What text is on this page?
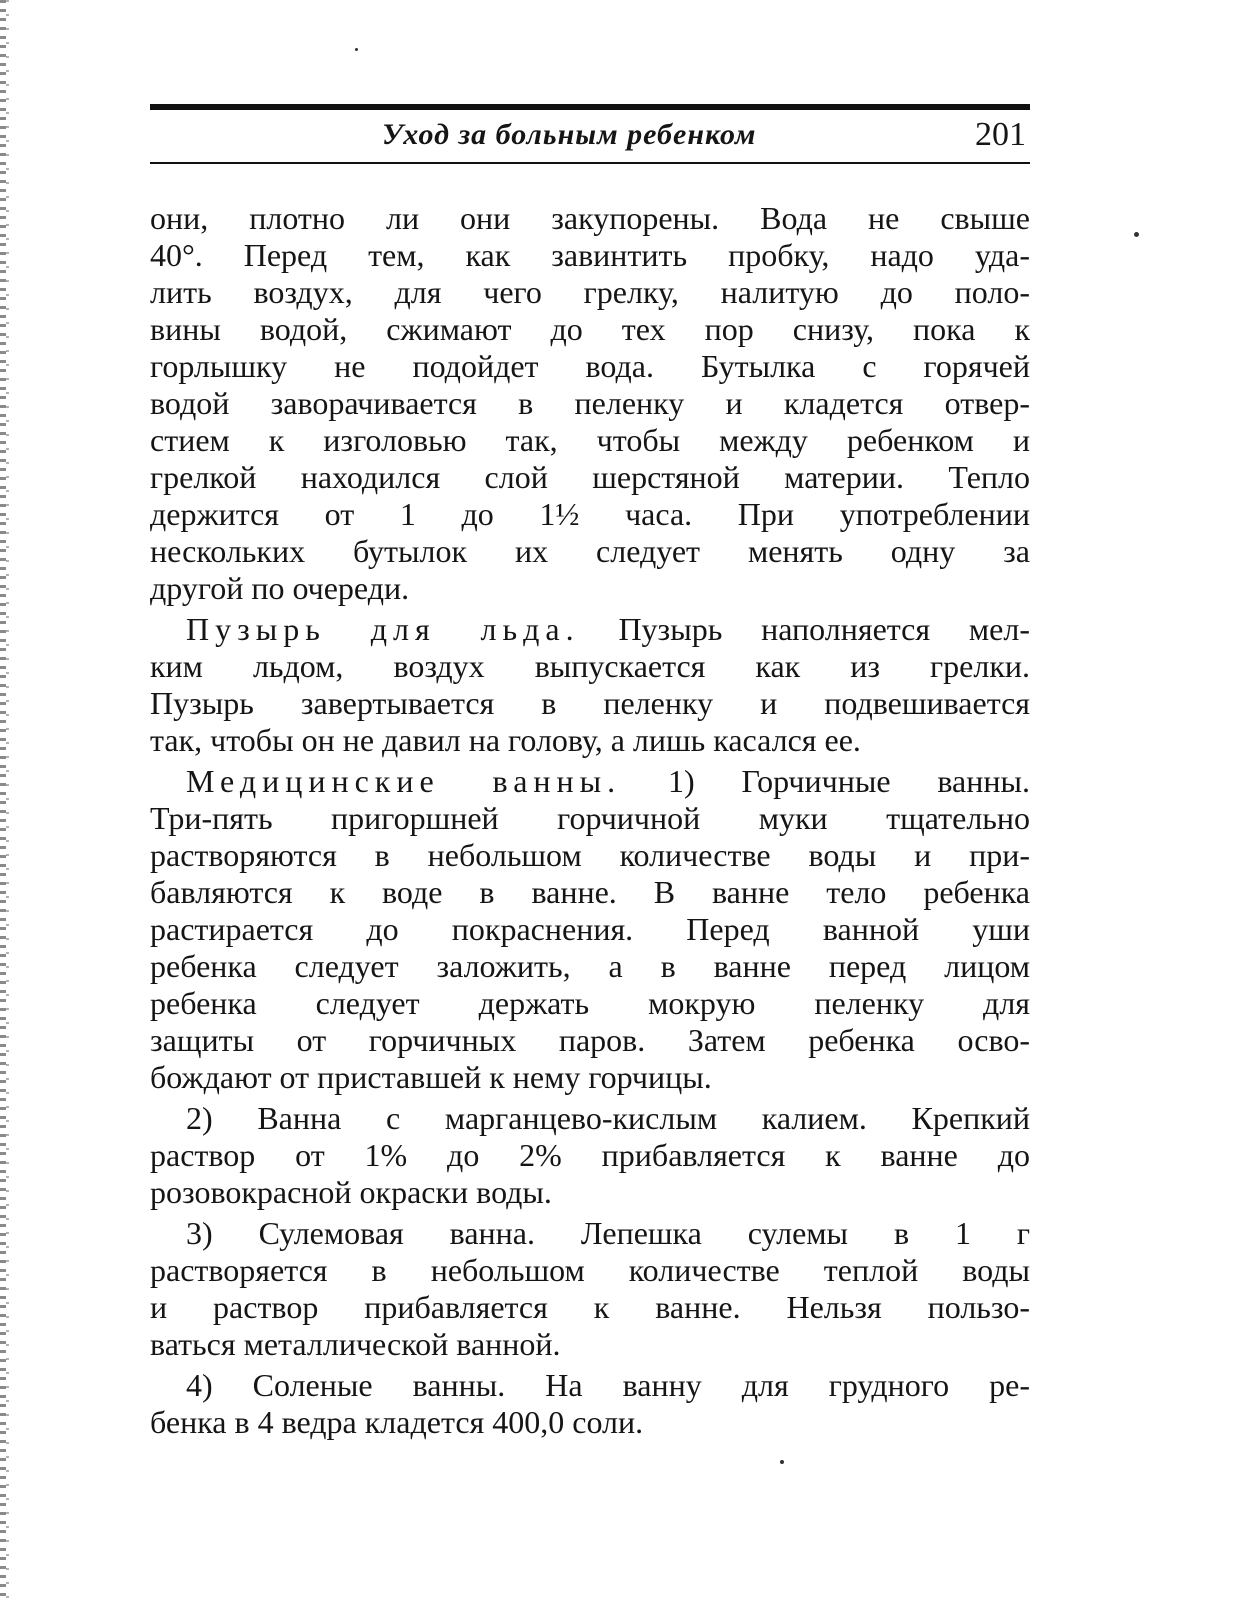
Уход за больным ребенком	201
они, плотно ли они закупорены. Вода не свыше
40°. Перед тем, как завинтить пробку, надо уда-
лить воздух, для чего грелку, налитую до поло-
вины водой, сжимают до тех пор снизу, пока к
горлышку не подойдет вода. Бутылка с горячей
водой заворачивается в пеленку и кладется отвер-
стием к изголовью так, чтобы между ребенком и
грелкой находился слой шерстяной материи. Тепло
держится от 1 до 1½ часа. При употреблении
нескольких бутылок их следует менять одну за
другой по очереди.
Пузырь для льда. Пузырь наполняется мел-
ким льдом, воздух выпускается как из грелки.
Пузырь завертывается в пеленку и подвешивается
так, чтобы он не давил на голову, а лишь касался ее.
Медицинские ванны. 1) Горчичные ванны.
Три-пять пригоршней горчичной муки тщательно
растворяются в небольшом количестве воды и при-
бавляются к воде в ванне. В ванне тело ребенка
растирается до покраснения. Перед ванной уши
ребенка следует заложить, а в ванне перед лицом
ребенка следует держать мокрую пеленку для
защиты от горчичных паров. Затем ребенка осво-
бождают от приставшей к нему горчицы.
2) Ванна с марганцево-кислым калием. Крепкий
раствор от 1% до 2% прибавляется к ванне до
розовокрасной окраски воды.
3) Сулемовая ванна. Лепешка сулемы в 1 г
растворяется в небольшом количестве теплой воды
и раствор прибавляется к ванне. Нельзя пользо-
ваться металлической ванной.
4) Соленые ванны. На ванну для грудного ре-
бенка в 4 ведра кладется 400,0 соли.
